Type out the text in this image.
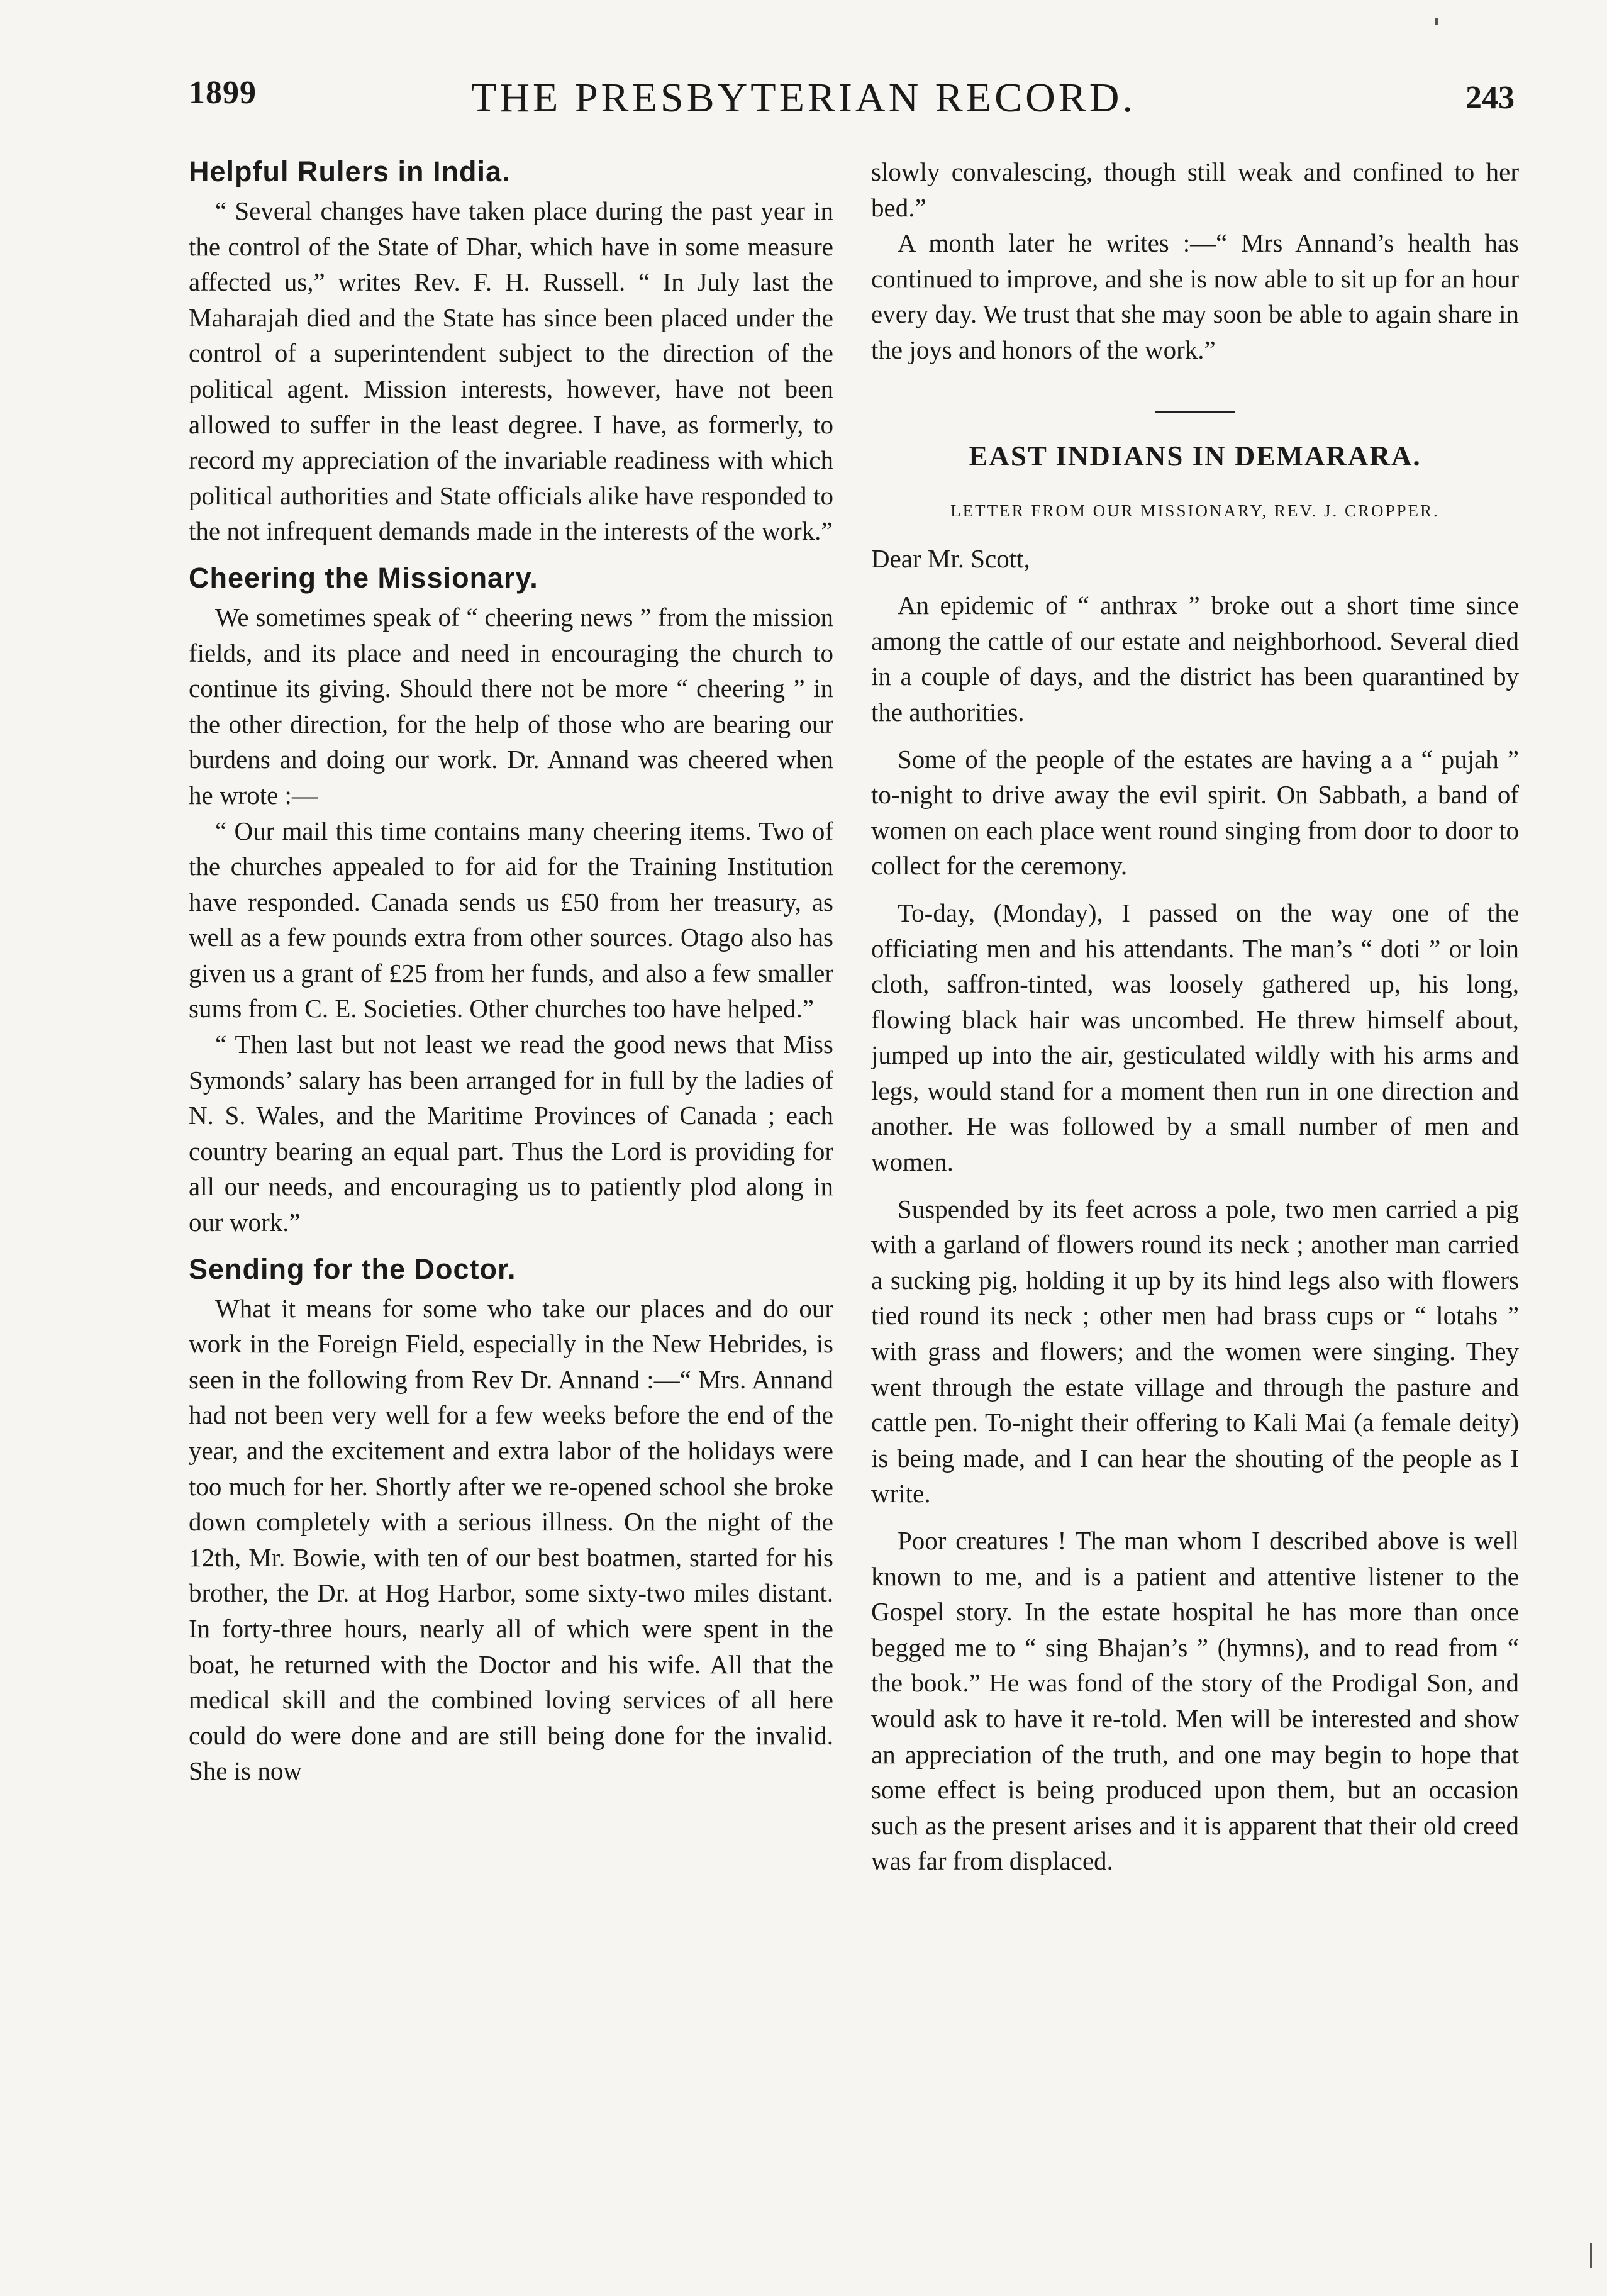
1899	THE PRESBYTERIAN RECORD.	243
Helpful Rulers in India.

“ Several changes have taken place during the past year in the control of the State of Dhar, which have in some measure affected us,” writes Rev. F. H. Russell. “ In July last the Maharajah died and the State has since been placed under the control of a superintendent subject to the direction of the political agent. Mission interests, however, have not been allowed to suffer in the least degree. I have, as formerly, to record my appreciation of the invariable readiness with which political authorities and State officials alike have responded to the not infrequent demands made in the interests of the work.”

Cheering the Missionary.

We sometimes speak of “ cheering news ” from the mission fields, and its place and need in encouraging the church to continue its giving. Should there not be more “ cheering ” in the other direction, for the help of those who are bearing our burdens and doing our work. Dr. Annand was cheered when he wrote :—

“ Our mail this time contains many cheering items. Two of the churches appealed to for aid for the Training Institution have responded. Canada sends us £50 from her treasury, as well as a few pounds extra from other sources. Otago also has given us a grant of £25 from her funds, and also a few smaller sums from C. E. Societies. Other churches too have helped.”

“ Then last but not least we read the good news that Miss Symonds’ salary has been arranged for in full by the ladies of N. S. Wales, and the Maritime Provinces of Canada ; each country bearing an equal part. Thus the Lord is providing for all our needs, and encouraging us to patiently plod along in our work.”

Sending for the Doctor.

What it means for some who take our places and do our work in the Foreign Field, especially in the New Hebrides, is seen in the following from Rev Dr. Annand :—“ Mrs. Annand had not been very well for a few weeks before the end of the year, and the excitement and extra labor of the holidays were too much for her. Shortly after we re-opened school she broke down completely with a serious illness. On the night of the 12th, Mr. Bowie, with ten of our best boatmen, started for his brother, the Dr. at Hog Harbor, some sixty-two miles distant. In forty-three hours, nearly all of which were spent in the boat, he returned with the Doctor and his wife. All that the medical skill and the combined loving services of all here could do were done and are still being done for the invalid. She is now

slowly convalescing, though still weak and confined to her bed.”

A month later he writes :—“ Mrs Annand’s health has continued to improve, and she is now able to sit up for an hour every day. We trust that she may soon be able to again share in the joys and honors of the work.”

EAST INDIANS IN DEMARARA.
LETTER FROM OUR MISSIONARY, REV. J. CROPPER.
Dear Mr. Scott,

An epidemic of “ anthrax ” broke out a short time since among the cattle of our estate and neighborhood. Several died in a couple of days, and the district has been quarantined by the authorities.

Some of the people of the estates are having a a “ pujah ” to-night to drive away the evil spirit. On Sabbath, a band of women on each place went round singing from door to door to collect for the ceremony.

To-day, (Monday), I passed on the way one of the officiating men and his attendants. The man’s “ doti ” or loin cloth, saffron-tinted, was loosely gathered up, his long, flowing black hair was uncombed. He threw himself about, jumped up into the air, gesticulated wildly with his arms and legs, would stand for a moment then run in one direction and another. He was followed by a small number of men and women.

Suspended by its feet across a pole, two men carried a pig with a garland of flowers round its neck ; another man carried a sucking pig, holding it up by its hind legs also with flowers tied round its neck ; other men had brass cups or “ lotahs ” with grass and flowers; and the women were singing. They went through the estate village and through the pasture and cattle pen. To-night their offering to Kali Mai (a female deity) is being made, and I can hear the shouting of the people as I write.

Poor creatures ! The man whom I described above is well known to me, and is a patient and attentive listener to the Gospel story. In the estate hospital he has more than once begged me to “ sing Bhajan’s ” (hymns), and to read from “ the book.” He was fond of the story of the Prodigal Son, and would ask to have it re-told. Men will be interested and show an appreciation of the truth, and one may begin to hope that some effect is being produced upon them, but an occasion such as the present arises and it is apparent that their old creed was far from displaced.
